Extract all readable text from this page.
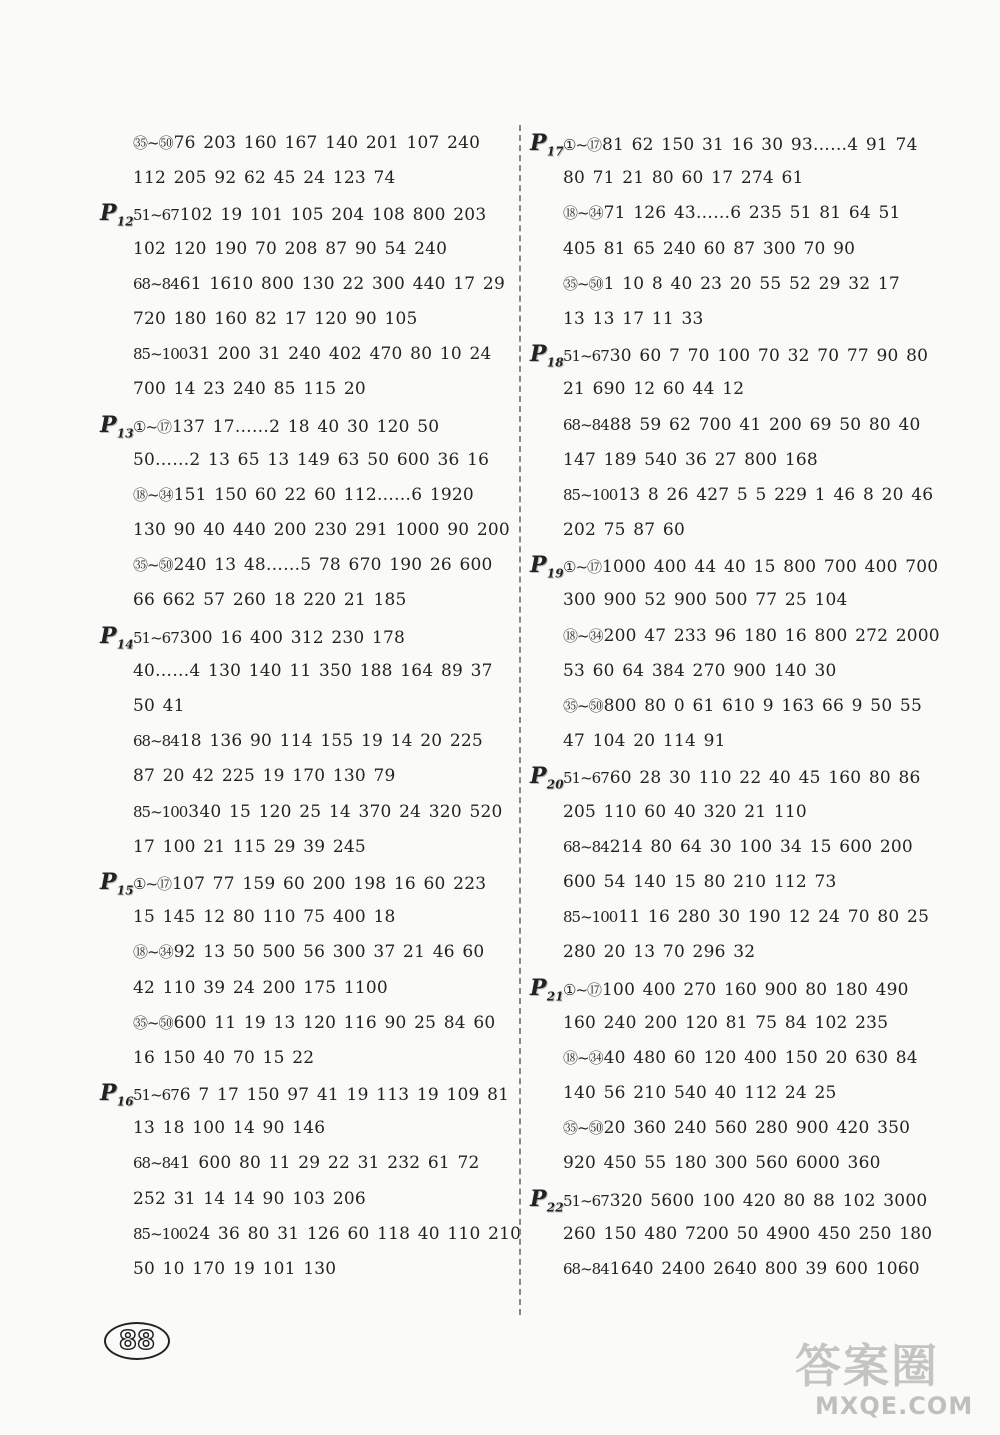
㉟~㊿76 203 160 167 140 201 107 240
112 205 92 62 45 24 123 74
$P_{12}51\sim 67102$ 19 101 105 204 108 800 203
102 120 190 70 208 87 90 54 240
68~8461 1610 800 130 22 300 440 17 29
720 180 160 82 17 120 90 105
85~10031 200 31 240 402 470 80 10 24
700 14 23 240 85 115 20
$P_{13}①\sim ⑰137$ 17……2 18 40 30 120 50
50……2 13 65 13 149 63 50 600 36 16
⑱~㉞151 150 60 22 60 112……6 1920
130 90 40 440 200 230 291 1000 90 200
㉟~㊿240 13 48……5 78 670 190 26 600
66 662 57 260 18 220 21 185
$P_{14}51\sim 67300$ 16 400 312 230 178
40……4 130 140 11 350 188 164 89 37
50 41
68~8418 136 90 114 155 19 14 20 225
87 20 42 225 19 170 130 79
85~100340 15 120 25 14 370 24 320 520
17 100 21 115 29 39 245
$P_{15}①\sim ⑰107$ 77 159 60 200 198 16 60 223
15 145 12 80 110 75 400 18
⑱~㉞92 13 50 500 56 300 37 21 46 60
42 110 39 24 200 175 1100
㉟~㊿600 11 19 13 120 116 90 25 84 60
16 150 40 70 15 22
$P_{16}51\sim 676$ 7 17 150 97 41 19 113 19 109 81
13 18 100 14 90 146
68~841 600 80 11 29 22 31 232 61 72
252 31 14 14 90 103 206
85~10024 36 80 31 126 60 118 40 110 210
50 10 170 19 101 130
$P_{17}①\sim ⑰81$ 62 150 31 16 30 93……4 91 74
80 71 21 80 60 17 274 61
⑱~㉞71 126 43……6 235 51 81 64 51
405 81 65 240 60 87 300 70 90
㉟~㊿1 10 8 40 23 20 55 52 29 32 17
13 13 17 11 33
$P_{18}51\sim 6730$ 60 7 70 100 70 32 70 77 90 80
21 690 12 60 44 12
68~8488 59 62 700 41 200 69 50 80 40
147 189 540 36 27 800 168
85~10013 8 26 427 5 5 229 1 46 8 20 46
202 75 87 60
$P_{19}①\sim ⑰1000$ 400 44 40 15 800 700 400 700
300 900 52 900 500 77 25 104
⑱~㉞200 47 233 96 180 16 800 272 2000
53 60 64 384 270 900 140 30
㉟~㊿800 80 0 61 610 9 163 66 9 50 55
47 104 20 114 91
$P_{20}51\sim 6760$ 28 30 110 22 40 45 160 80 86
205 110 60 40 320 21 110
68~84214 80 64 30 100 34 15 600 200
600 54 140 15 80 210 112 73
85~10011 16 280 30 190 12 24 70 80 25
280 20 13 70 296 32
$P_{21}①\sim ⑰100$ 400 270 160 900 80 180 490
160 240 200 120 81 75 84 102 235
⑱~㉞40 480 60 120 400 150 20 630 84
140 56 210 540 40 112 24 25
㉟~㊿20 360 240 560 280 900 420 350
920 450 55 180 300 560 6000 360
$P_{22}51\sim 67320$ 5600 100 420 80 88 102 3000
260 150 480 7200 50 4900 450 250 180
68~841640 2400 2640 800 39 600 1060
88	答案圈
MXQE.COM
